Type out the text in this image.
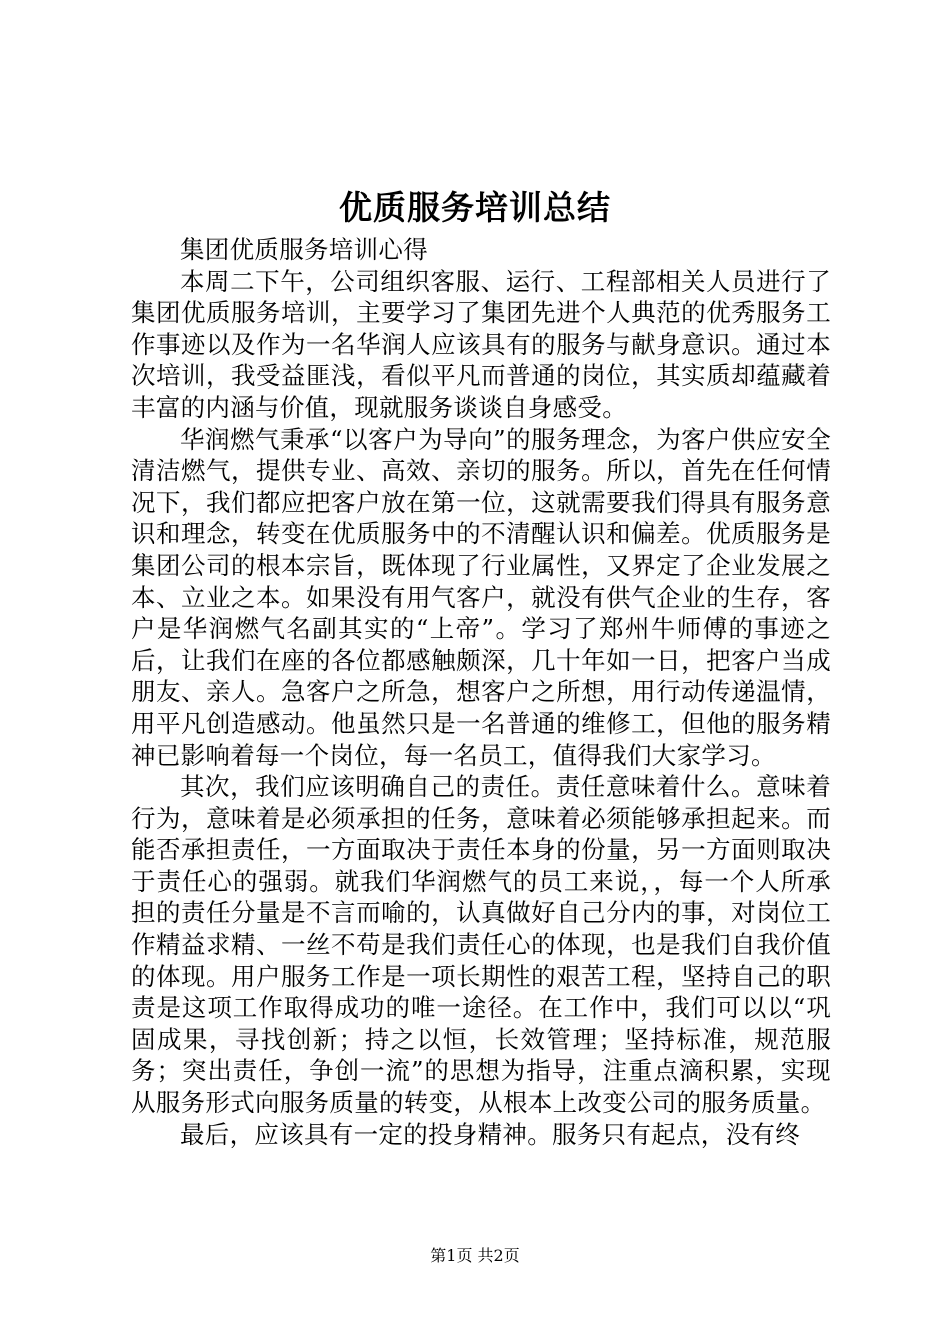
优质服务培训总结

集团优质服务培训心得

本周二下午，公司组织客服、运行、工程部相关人员进行了集团优质服务培训，主要学习了集团先进个人典范的优秀服务工作事迹以及作为一名华润人应该具有的服务与献身意识。通过本次培训，我受益匪浅，看似平凡而普通的岗位，其实质却蕴藏着丰富的内涵与价值，现就服务谈谈自身感受。

华润燃气秉承“以客户为导向”的服务理念，为客户供应安全清洁燃气，提供专业、高效、亲切的服务。所以，首先在任何情况下，我们都应把客户放在第一位，这就需要我们得具有服务意识和理念，转变在优质服务中的不清醒认识和偏差。优质服务是集团公司的根本宗旨，既体现了行业属性，又界定了企业发展之本、立业之本。如果没有用气客户，就没有供气企业的生存，客户是华润燃气名副其实的“上帝”。学习了郑州牛师傅的事迹之后，让我们在座的各位都感触颇深，几十年如一日，把客户当成朋友、亲人。急客户之所急，想客户之所想，用行动传递温情，用平凡创造感动。他虽然只是一名普通的维修工，但他的服务精神已影响着每一个岗位，每一名员工，值得我们大家学习。

其次，我们应该明确自己的责任。责任意味着什么。意味着行为，意味着是必须承担的任务，意味着必须能够承担起来。而能否承担责任，一方面取决于责任本身的份量，另一方面则取决于责任心的强弱。就我们华润燃气的员工来说，，每一个人所承担的责任分量是不言而喻的，认真做好自己分内的事，对岗位工作精益求精、一丝不苟是我们责任心的体现，也是我们自我价值的体现。用户服务工作是一项长期性的艰苦工程，坚持自己的职责是这项工作取得成功的唯一途径。在工作中，我们可以以“巩固成果，寻找创新；持之以恒，长效管理；坚持标准，规范服务；突出责任，争创一流”的思想为指导，注重点滴积累，实现从服务形式向服务质量的转变，从根本上改变公司的服务质量。

最后，应该具有一定的投身精神。服务只有起点，没有终

第1页 共2页
